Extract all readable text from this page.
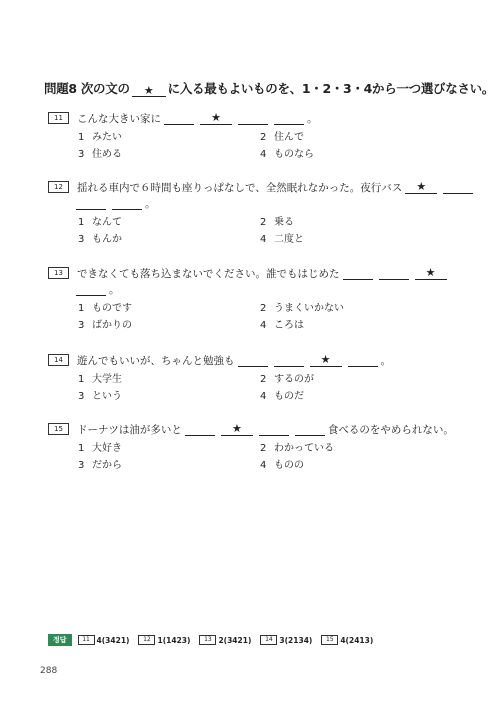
問題8 次の文の ★ に入る最もよいものを、1・2・3・4から一つ選びなさい。
11	こんな大きい家に	★	。
1 みたい	2 住んで
3 住める	4 ものなら
12	揺れる車内で６時間も座りっぱなしで、全然眠れなかった。夜行バス	★
。
1 なんて	2 乗る
3 もんか	4 二度と
13	できなくても落ち込まないでください。誰でもはじめた	★
。
1 ものです	2 うまくいかない
3 ばかりの	4 ころは
14	遊んでもいいが、ちゃんと勉強も	★	。
1 大学生	2 するのが
3 という	4 ものだ
15	ドーナツは油が多いと	★	食べるのをやめられない。
1 大好き	2 わかっている
3 だから	4 ものの
정답	11 4(3421)	12 1(1423)	13 2(3421)	14 3(2134)	15 4(2413)
288
